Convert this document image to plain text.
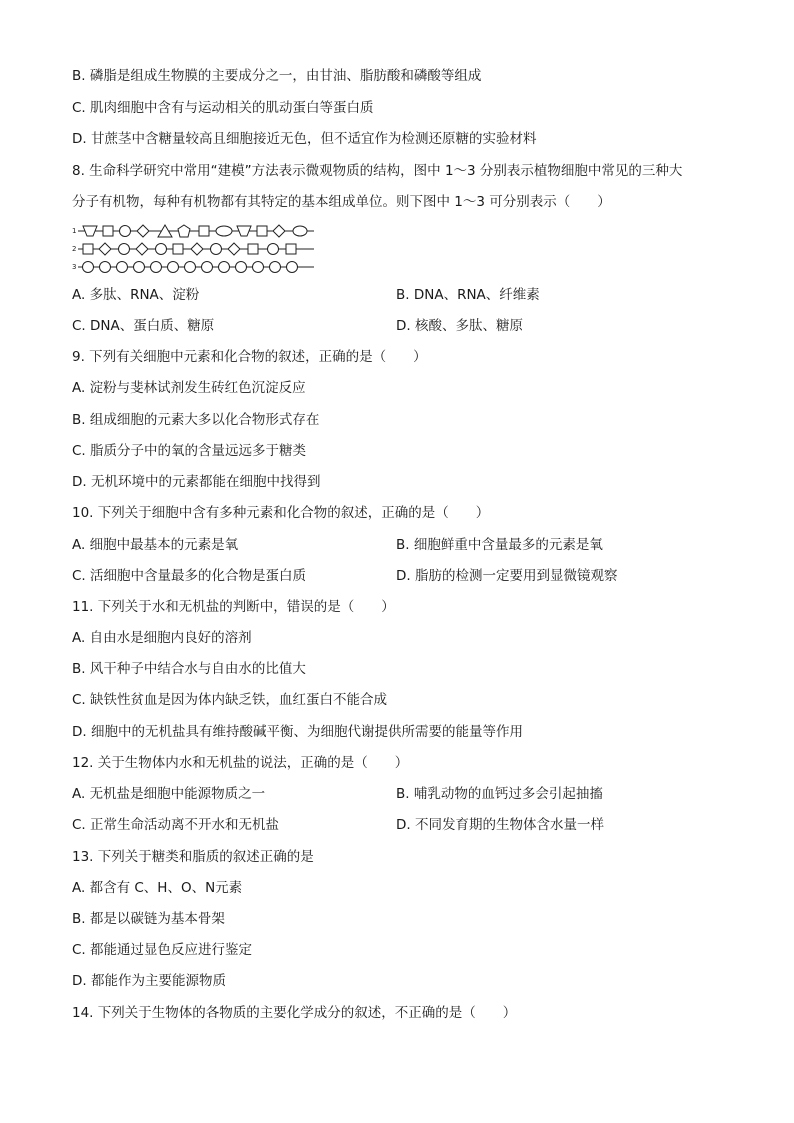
B. 磷脂是组成生物膜的主要成分之一，由甘油、脂肪酸和磷酸等组成
C. 肌肉细胞中含有与运动相关的肌动蛋白等蛋白质
D. 甘蔗茎中含糖量较高且细胞接近无色，但不适宜作为检测还原糖的实验材料
8. 生命科学研究中常用“建模”方法表示微观物质的结构，图中 1～3 分别表示植物细胞中常见的三种大
分子有机物，每种有机物都有其特定的基本组成单位。则下图中 1～3 可分别表示（　　）
1
2
3
A. 多肽、RNA、淀粉	B. DNA、RNA、纤维素
C. DNA、蛋白质、糖原	D. 核酸、多肽、糖原
9. 下列有关细胞中元素和化合物的叙述，正确的是（　　）
A. 淀粉与斐林试剂发生砖红色沉淀反应
B. 组成细胞的元素大多以化合物形式存在
C. 脂质分子中的氧的含量远远多于糖类
D. 无机环境中的元素都能在细胞中找得到
10. 下列关于细胞中含有多种元素和化合物的叙述，正确的是（　　）
A. 细胞中最基本的元素是氧	B. 细胞鲜重中含量最多的元素是氧
C. 活细胞中含量最多的化合物是蛋白质	D. 脂肪的检测一定要用到显微镜观察
11. 下列关于水和无机盐的判断中，错误的是（　　）
A. 自由水是细胞内良好的溶剂
B. 风干种子中结合水与自由水的比值大
C. 缺铁性贫血是因为体内缺乏铁，血红蛋白不能合成
D. 细胞中的无机盐具有维持酸碱平衡、为细胞代谢提供所需要的能量等作用
12. 关于生物体内水和无机盐的说法，正确的是（　　）
A. 无机盐是细胞中能源物质之一	B. 哺乳动物的血钙过多会引起抽搐
C. 正常生命活动离不开水和无机盐	D. 不同发育期的生物体含水量一样
13. 下列关于糖类和脂质的叙述正确的是
A. 都含有 C、H、O、N元素
B. 都是以碳链为基本骨架
C. 都能通过显色反应进行鉴定
D. 都能作为主要能源物质
14. 下列关于生物体的各物质的主要化学成分的叙述，不正确的是（　　）
